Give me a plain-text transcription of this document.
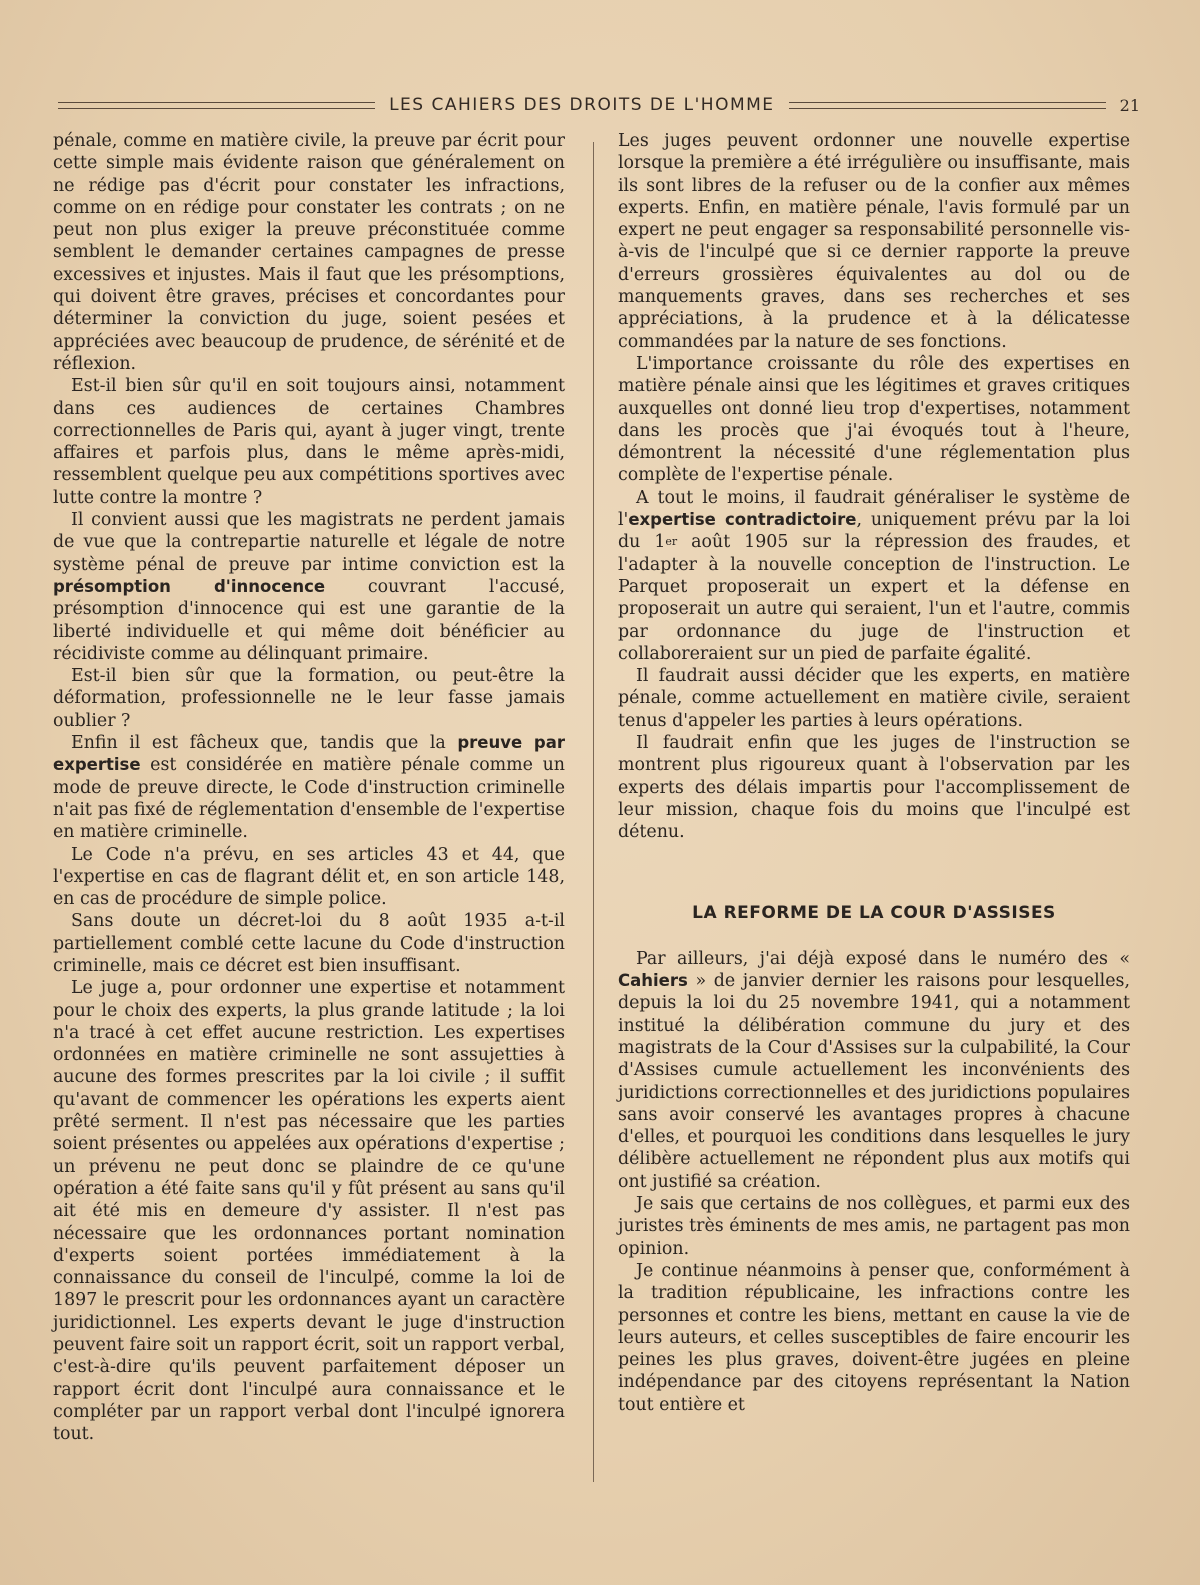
LES CAHIERS DES DROITS DE L'HOMME	21

pénale, comme en matière civile, la preuve par écrit pour cette simple mais évidente raison que généralement on ne rédige pas d'écrit pour constater les infractions, comme on en rédige pour constater les contrats ; on ne peut non plus exiger la preuve préconstituée comme semblent le demander certaines campagnes de presse excessives et injustes. Mais il faut que les présomptions, qui doivent être graves, précises et concordantes pour déterminer la conviction du juge, soient pesées et appréciées avec beaucoup de prudence, de sérénité et de réflexion.

Est-il bien sûr qu'il en soit toujours ainsi, notamment dans ces audiences de certaines Chambres correctionnelles de Paris qui, ayant à juger vingt, trente affaires et parfois plus, dans le même après-midi, ressemblent quelque peu aux compétitions sportives avec lutte contre la montre ?

Il convient aussi que les magistrats ne perdent jamais de vue que la contrepartie naturelle et légale de notre système pénal de preuve par intime conviction est la présomption d'innocence couvrant l'accusé, présomption d'innocence qui est une garantie de la liberté individuelle et qui même doit bénéficier au récidiviste comme au délinquant primaire.

Est-il bien sûr que la formation, ou peut-être la déformation, professionnelle ne le leur fasse jamais oublier ?

Enfin il est fâcheux que, tandis que la preuve par expertise est considérée en matière pénale comme un mode de preuve directe, le Code d'instruction criminelle n'ait pas fixé de réglementation d'ensemble de l'expertise en matière criminelle.

Le Code n'a prévu, en ses articles 43 et 44, que l'expertise en cas de flagrant délit et, en son article 148, en cas de procédure de simple police.

Sans doute un décret-loi du 8 août 1935 a-t-il partiellement comblé cette lacune du Code d'instruction criminelle, mais ce décret est bien insuffisant.

Le juge a, pour ordonner une expertise et notamment pour le choix des experts, la plus grande latitude ; la loi n'a tracé à cet effet aucune restriction. Les expertises ordonnées en matière criminelle ne sont assujetties à aucune des formes prescrites par la loi civile ; il suffit qu'avant de commencer les opérations les experts aient prêté serment. Il n'est pas nécessaire que les parties soient présentes ou appelées aux opérations d'expertise ; un prévenu ne peut donc se plaindre de ce qu'une opération a été faite sans qu'il y fût présent au sans qu'il ait été mis en demeure d'y assister. Il n'est pas nécessaire que les ordonnances portant nomination d'experts soient portées immédiatement à la connaissance du conseil de l'inculpé, comme la loi de 1897 le prescrit pour les ordonnances ayant un caractère juridictionnel. Les experts devant le juge d'instruction peuvent faire soit un rapport écrit, soit un rapport verbal, c'est-à-dire qu'ils peuvent parfaitement déposer un rapport écrit dont l'inculpé aura connaissance et le compléter par un rapport verbal dont l'inculpé ignorera tout.

Les juges peuvent ordonner une nouvelle expertise lorsque la première a été irrégulière ou insuffisante, mais ils sont libres de la refuser ou de la confier aux mêmes experts. Enfin, en matière pénale, l'avis formulé par un expert ne peut engager sa responsabilité personnelle vis-à-vis de l'inculpé que si ce dernier rapporte la preuve d'erreurs grossières équivalentes au dol ou de manquements graves, dans ses recherches et ses appréciations, à la prudence et à la délicatesse commandées par la nature de ses fonctions.

L'importance croissante du rôle des expertises en matière pénale ainsi que les légitimes et graves critiques auxquelles ont donné lieu trop d'expertises, notamment dans les procès que j'ai évoqués tout à l'heure, démontrent la nécessité d'une réglementation plus complète de l'expertise pénale.

A tout le moins, il faudrait généraliser le système de l'expertise contradictoire, uniquement prévu par la loi du 1er août 1905 sur la répression des fraudes, et l'adapter à la nouvelle conception de l'instruction. Le Parquet proposerait un expert et la défense en proposerait un autre qui seraient, l'un et l'autre, commis par ordonnance du juge de l'instruction et collaboreraient sur un pied de parfaite égalité.

Il faudrait aussi décider que les experts, en matière pénale, comme actuellement en matière civile, seraient tenus d'appeler les parties à leurs opérations.

Il faudrait enfin que les juges de l'instruction se montrent plus rigoureux quant à l'observation par les experts des délais impartis pour l'accomplissement de leur mission, chaque fois du moins que l'inculpé est détenu.

LA REFORME DE LA COUR D'ASSISES

Par ailleurs, j'ai déjà exposé dans le numéro des « Cahiers » de janvier dernier les raisons pour lesquelles, depuis la loi du 25 novembre 1941, qui a notamment institué la délibération commune du jury et des magistrats de la Cour d'Assises sur la culpabilité, la Cour d'Assises cumule actuellement les inconvénients des juridictions correctionnelles et des juridictions populaires sans avoir conservé les avantages propres à chacune d'elles, et pourquoi les conditions dans lesquelles le jury délibère actuellement ne répondent plus aux motifs qui ont justifié sa création.

Je sais que certains de nos collègues, et parmi eux des juristes très éminents de mes amis, ne partagent pas mon opinion.

Je continue néanmoins à penser que, conformément à la tradition républicaine, les infractions contre les personnes et contre les biens, mettant en cause la vie de leurs auteurs, et celles susceptibles de faire encourir les peines les plus graves, doivent-être jugées en pleine indépendance par des citoyens représentant la Nation tout entière et
